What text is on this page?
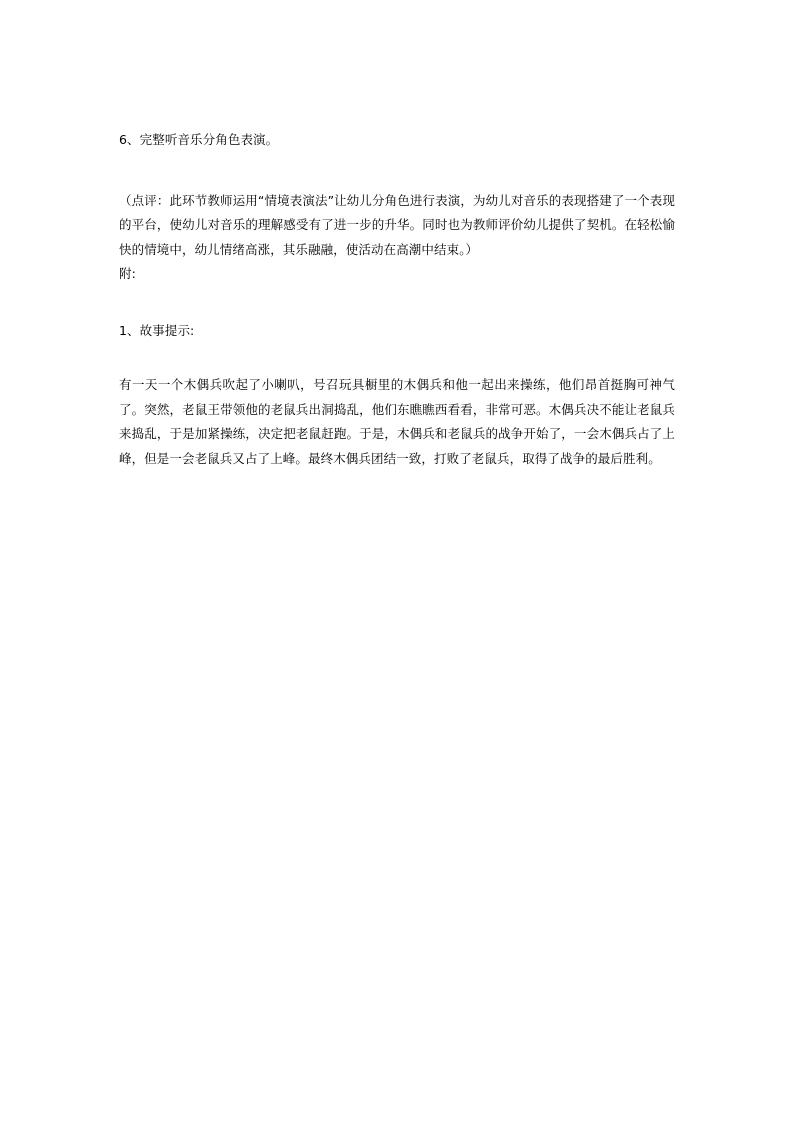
6、完整听音乐分角色表演。

（点评：此环节教师运用“情境表演法”让幼儿分角色进行表演，为幼儿对音乐的表现搭建了一个表现的平台，使幼儿对音乐的理解感受有了进一步的升华。同时也为教师评价幼儿提供了契机。在轻松愉快的情境中，幼儿情绪高涨，其乐融融，使活动在高潮中结束。）

附:

1、故事提示:

有一天一个木偶兵吹起了小喇叭，号召玩具橱里的木偶兵和他一起出来操练，他们昂首挺胸可神气了。突然，老鼠王带领他的老鼠兵出洞捣乱，他们东瞧瞧西看看，非常可恶。木偶兵决不能让老鼠兵来捣乱，于是加紧操练，决定把老鼠赶跑。于是，木偶兵和老鼠兵的战争开始了，一会木偶兵占了上峰，但是一会老鼠兵又占了上峰。最终木偶兵团结一致，打败了老鼠兵，取得了战争的最后胜利。
